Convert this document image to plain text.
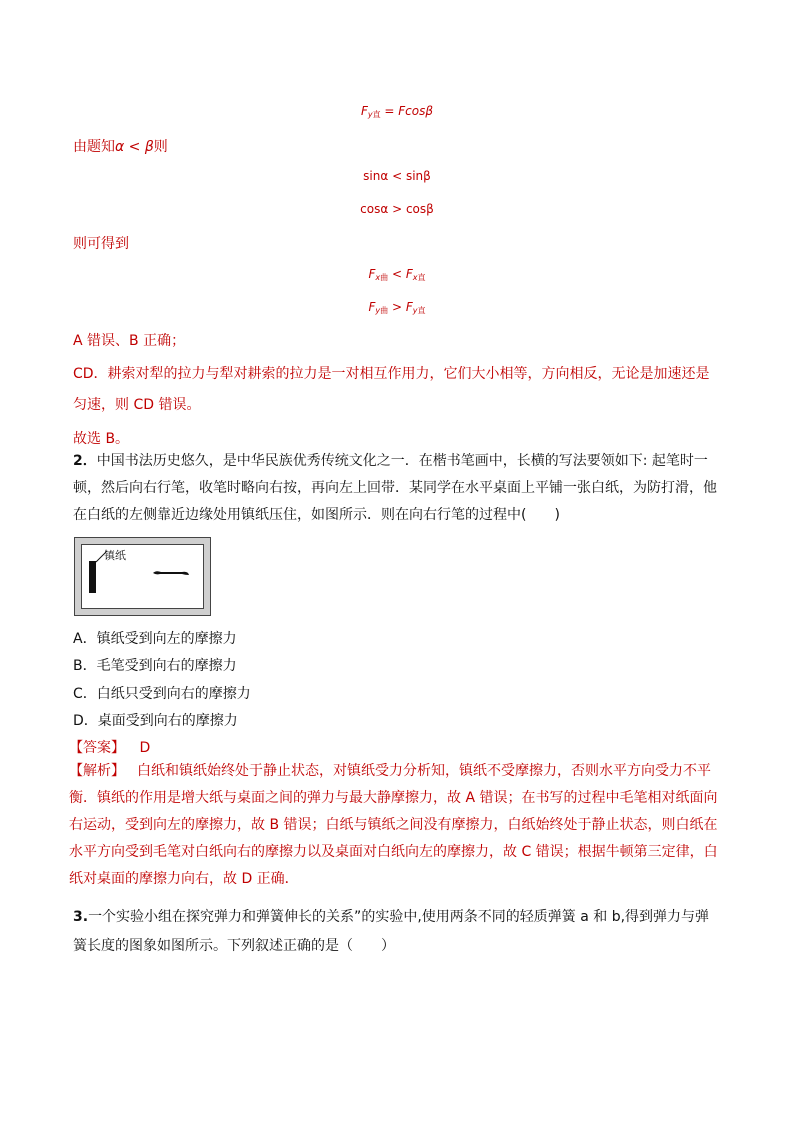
$F_{y直} = Fcos\beta$
由题知α < β则
sinα < sinβ
cosα > cosβ
则可得到
$F_{x曲} < F_{x直}$
$F_{y曲} > F_{y直}$
A 错误、B 正确；
CD．耕索对犁的拉力与犁对耕索的拉力是一对相互作用力，它们大小相等，方向相反，无论是加速还是匀速，则 CD 错误。
故选 B。
2．中国书法历史悠久，是中华民族优秀传统文化之一．在楷书笔画中，长横的写法要领如下: 起笔时一顿，然后向右行笔，收笔时略向右按，再向左上回带．某同学在水平桌面上平铺一张白纸，为防打滑，他在白纸的左侧靠近边缘处用镇纸压住，如图所示．则在向右行笔的过程中(　　)
镇纸
A．镇纸受到向左的摩擦力
B．毛笔受到向右的摩擦力
C．白纸只受到向右的摩擦力
D．桌面受到向右的摩擦力
【答案】 D
【解析】 白纸和镇纸始终处于静止状态，对镇纸受力分析知，镇纸不受摩擦力，否则水平方向受力不平衡．镇纸的作用是增大纸与桌面之间的弹力与最大静摩擦力，故 A 错误；在书写的过程中毛笔相对纸面向右运动，受到向左的摩擦力，故 B 错误；白纸与镇纸之间没有摩擦力，白纸始终处于静止状态，则白纸在水平方向受到毛笔对白纸向右的摩擦力以及桌面对白纸向左的摩擦力，故 C 错误；根据牛顿第三定律，白纸对桌面的摩擦力向右，故 D 正确．
3.一个实验小组在探究弹力和弹簧伸长的关系”的实验中,使用两条不同的轻质弹簧 a 和 b,得到弹力与弹簧长度的图象如图所示。下列叙述正确的是（　　）
